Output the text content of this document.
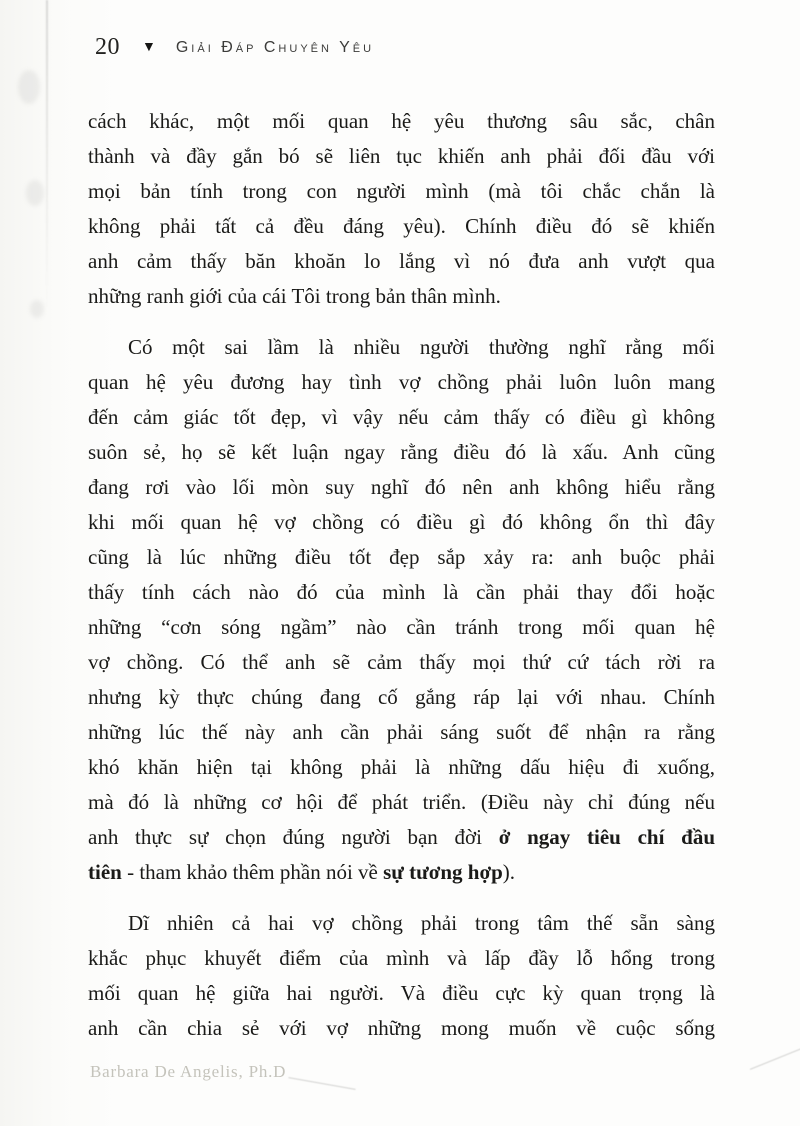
20 ▼ Giải Đáp Chuyên Yêu

cách khác, một mối quan hệ yêu thương sâu sắc, chân
thành và đầy gắn bó sẽ liên tục khiến anh phải đối đầu với
mọi bản tính trong con người mình (mà tôi chắc chắn là
không phải tất cả đều đáng yêu). Chính điều đó sẽ khiến
anh cảm thấy băn khoăn lo lắng vì nó đưa anh vượt qua
những ranh giới của cái Tôi trong bản thân mình.

Có một sai lầm là nhiều người thường nghĩ rằng mối
quan hệ yêu đương hay tình vợ chồng phải luôn luôn mang
đến cảm giác tốt đẹp, vì vậy nếu cảm thấy có điều gì không
suôn sẻ, họ sẽ kết luận ngay rằng điều đó là xấu. Anh cũng
đang rơi vào lối mòn suy nghĩ đó nên anh không hiểu rằng
khi mối quan hệ vợ chồng có điều gì đó không ổn thì đây
cũng là lúc những điều tốt đẹp sắp xảy ra: anh buộc phải
thấy tính cách nào đó của mình là cần phải thay đổi hoặc
những “cơn sóng ngầm” nào cần tránh trong mối quan hệ
vợ chồng. Có thể anh sẽ cảm thấy mọi thứ cứ tách rời ra
nhưng kỳ thực chúng đang cố gắng ráp lại với nhau. Chính
những lúc thế này anh cần phải sáng suốt để nhận ra rằng
khó khăn hiện tại không phải là những dấu hiệu đi xuống,
mà đó là những cơ hội để phát triển. (Điều này chỉ đúng nếu
anh thực sự chọn đúng người bạn đời ở ngay tiêu chí đầu
tiên - tham khảo thêm phần nói về sự tương hợp).

Dĩ nhiên cả hai vợ chồng phải trong tâm thế sẵn sàng
khắc phục khuyết điểm của mình và lấp đầy lỗ hổng trong
mối quan hệ giữa hai người. Và điều cực kỳ quan trọng là
anh cần chia sẻ với vợ những mong muốn về cuộc sống

Barbara De Angelis, Ph.D
